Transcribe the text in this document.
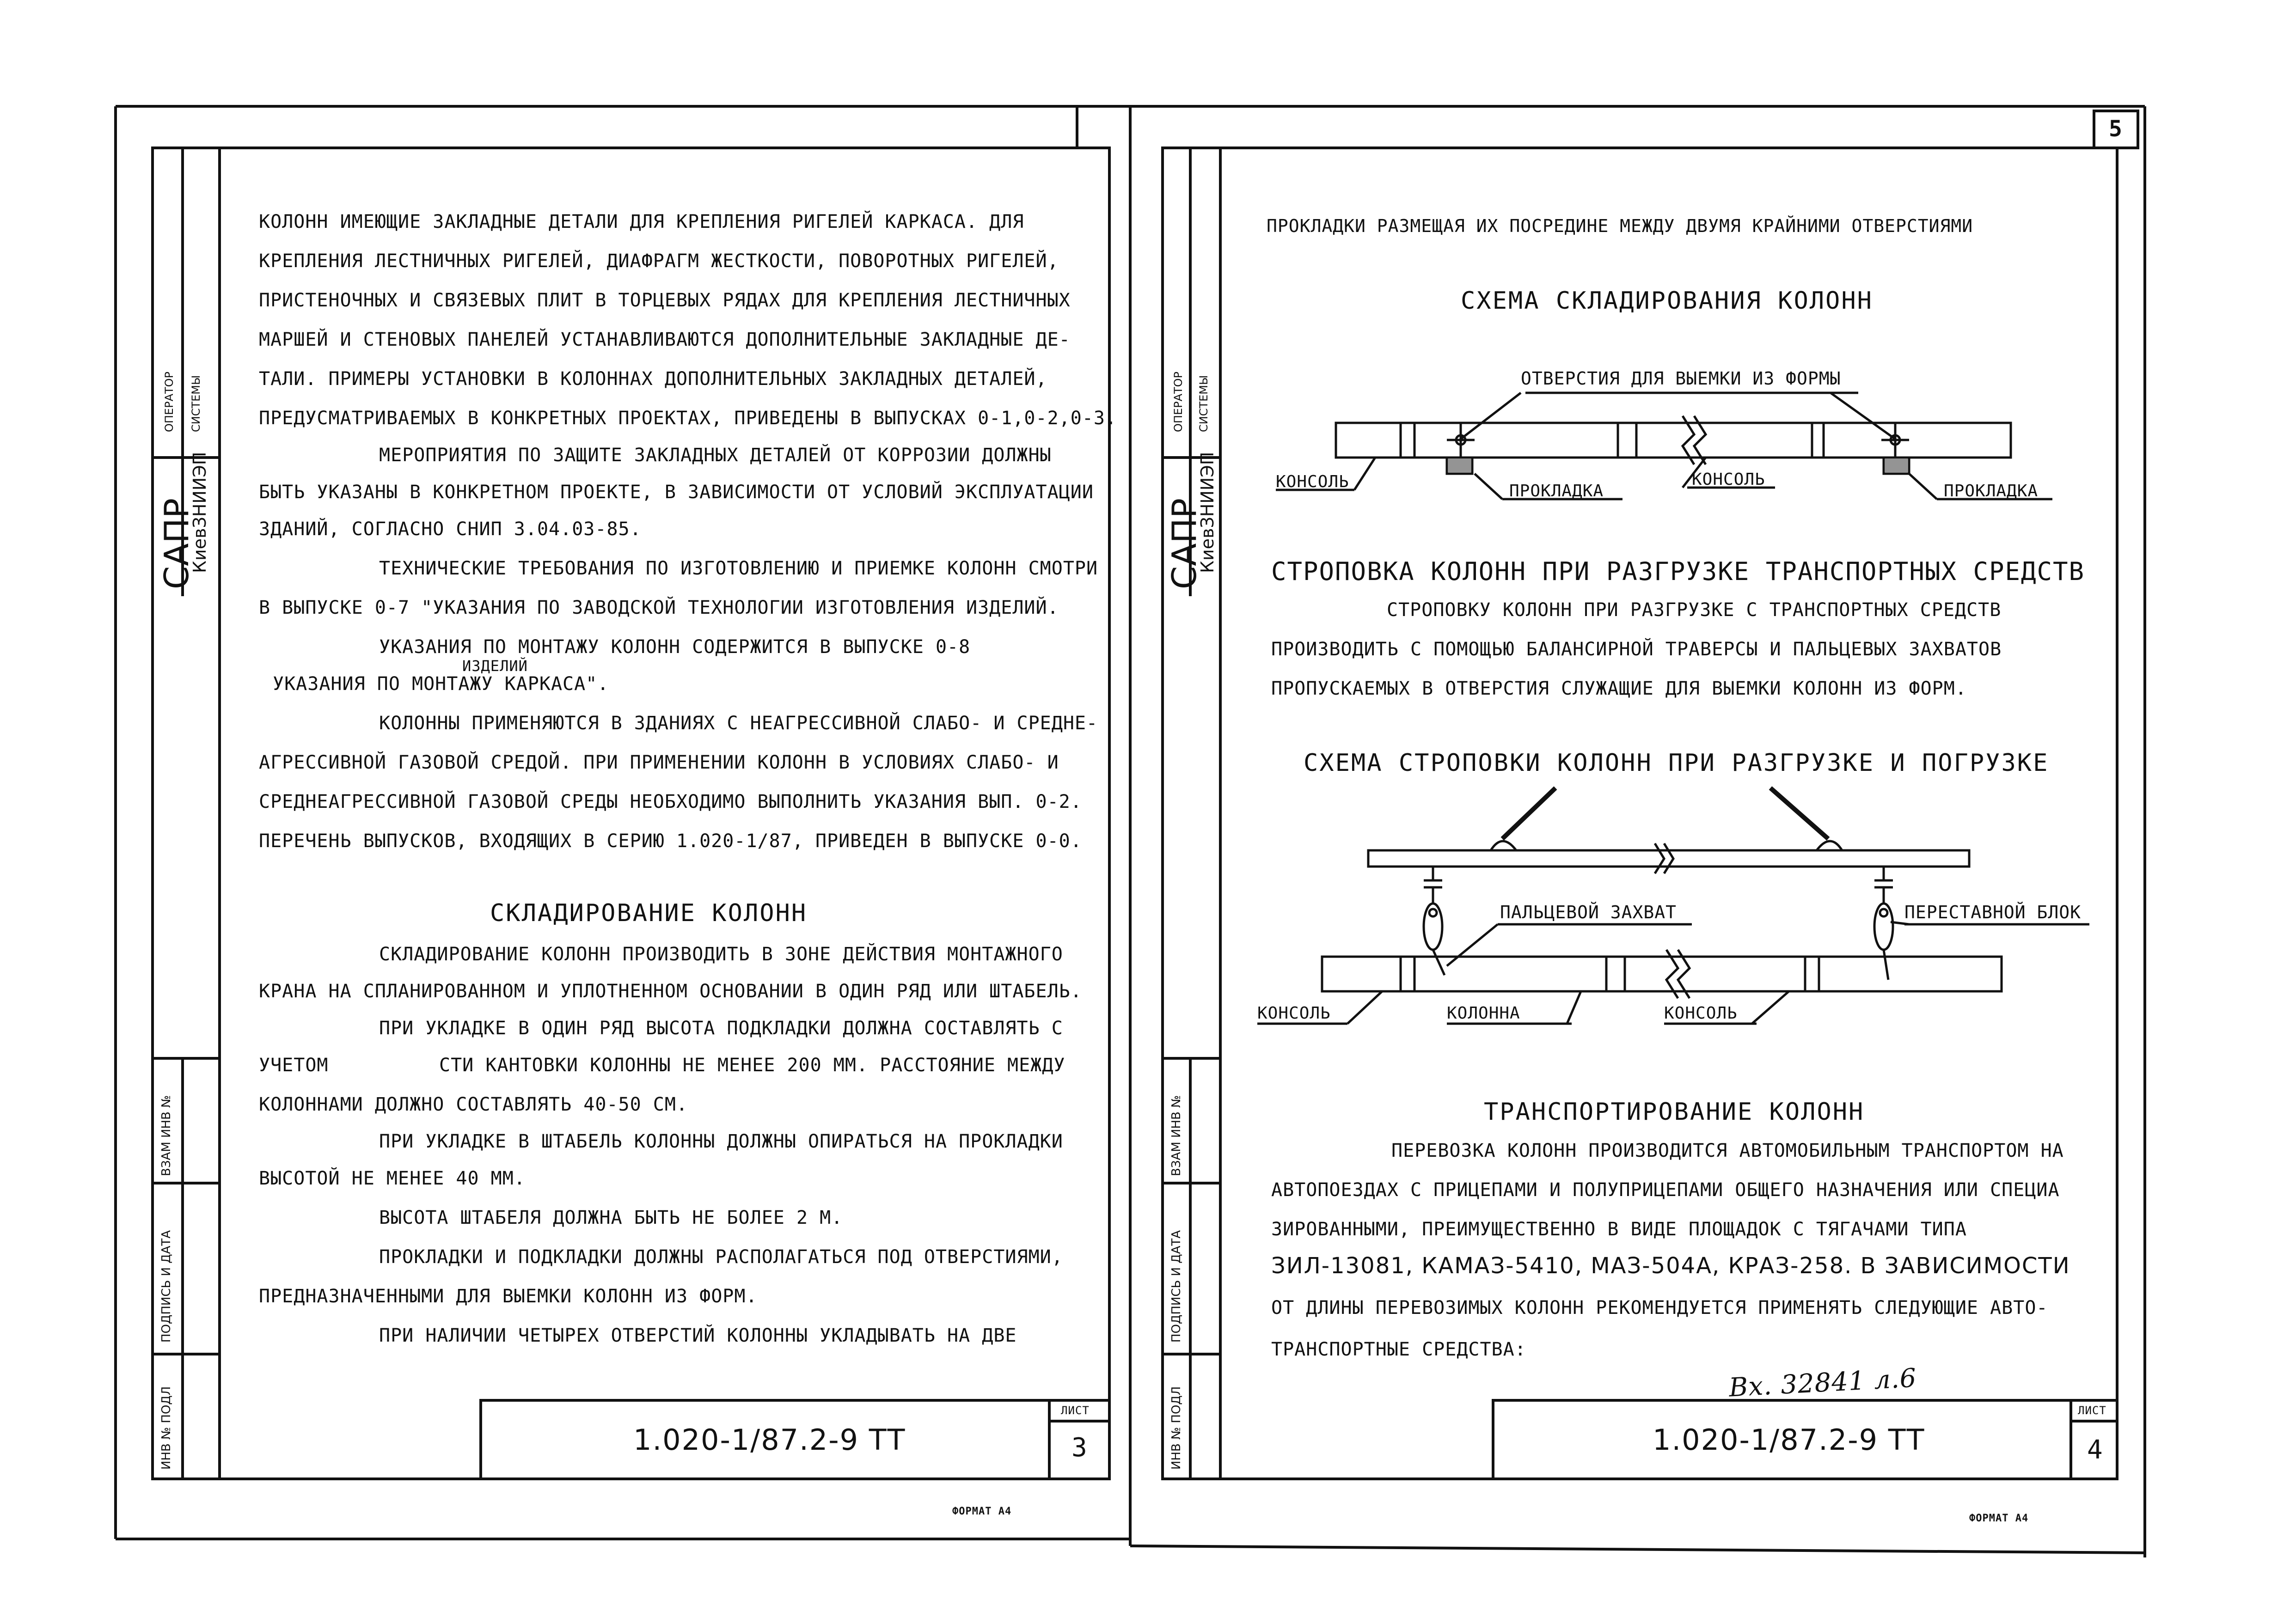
5
САПР
КиевЗНИИЭП
ОПЕРАТОР СИСТЕМЫ
ВЗАМ ИНВ №
ПОДПИСЬ И ДАТА
ИНВ № ПОДЛ
САПР
КиевЗНИИЭП
ОПЕРАТОР СИСТЕМЫ
ВЗАМ ИНВ №
ПОДПИСЬ И ДАТА
ИНВ № ПОДЛ
КОЛОНН ИМЕЮЩИЕ ЗАКЛАДНЫЕ ДЕТАЛИ ДЛЯ КРЕПЛЕНИЯ РИГЕЛЕЙ КАРКАСА. ДЛЯ
КРЕПЛЕНИЯ ЛЕСТНИЧНЫХ РИГЕЛЕЙ, ДИАФРАГМ ЖЕСТКОСТИ, ПОВОРОТНЫХ РИГЕЛЕЙ,
ПРИСТЕНОЧНЫХ И СВЯЗЕВЫХ ПЛИТ В ТОРЦЕВЫХ РЯДАХ ДЛЯ КРЕПЛЕНИЯ ЛЕСТНИЧНЫХ
МАРШЕЙ И СТЕНОВЫХ ПАНЕЛЕЙ УСТАНАВЛИВАЮТСЯ ДОПОЛНИТЕЛЬНЫЕ ЗАКЛАДНЫЕ ДЕ-
ТАЛИ. ПРИМЕРЫ УСТАНОВКИ В КОЛОННАХ ДОПОЛНИТЕЛЬНЫХ ЗАКЛАДНЫХ ДЕТАЛЕЙ,
ПРЕДУСМАТРИВАЕМЫХ В КОНКРЕТНЫХ ПРОЕКТАХ, ПРИВЕДЕНЫ В ВЫПУСКАХ 0-1,0-2,0-3.
МЕРОПРИЯТИЯ ПО ЗАЩИТЕ ЗАКЛАДНЫХ ДЕТАЛЕЙ ОТ КОРРОЗИИ ДОЛЖНЫ
БЫТЬ УКАЗАНЫ В КОНКРЕТНОМ ПРОЕКТЕ, В ЗАВИСИМОСТИ ОТ УСЛОВИЙ ЭКСПЛУАТАЦИИ
ЗДАНИЙ, СОГЛАСНО СНИП 3.04.03-85.
ТЕХНИЧЕСКИЕ ТРЕБОВАНИЯ ПО ИЗГОТОВЛЕНИЮ И ПРИЕМКЕ КОЛОНН СМОТРИ
В ВЫПУСКЕ 0-7 "УКАЗАНИЯ ПО ЗАВОДСКОЙ ТЕХНОЛОГИИ ИЗГОТОВЛЕНИЯ ИЗДЕЛИЙ.
УКАЗАНИЯ ПО МОНТАЖУ КОЛОНН СОДЕРЖИТСЯ В ВЫПУСКЕ 0-8
ИЗДЕЛИЙ
УКАЗАНИЯ ПО МОНТАЖУ КАРКАСА".
КОЛОННЫ ПРИМЕНЯЮТСЯ В ЗДАНИЯХ С НЕАГРЕССИВНОЙ СЛАБО- И СРЕДНЕ-
АГРЕССИВНОЙ ГАЗОВОЙ СРЕДОЙ. ПРИ ПРИМЕНЕНИИ КОЛОНН В УСЛОВИЯХ СЛАБО- И
СРЕДНЕАГРЕССИВНОЙ ГАЗОВОЙ СРЕДЫ НЕОБХОДИМО ВЫПОЛНИТЬ УКАЗАНИЯ ВЫП. 0-2.
ПЕРЕЧЕНЬ ВЫПУСКОВ, ВХОДЯЩИХ В СЕРИЮ 1.020-1/87, ПРИВЕДЕН В ВЫПУСКЕ 0-0.
СКЛАДИРОВАНИЕ КОЛОНН
СКЛАДИРОВАНИЕ КОЛОНН ПРОИЗВОДИТЬ В ЗОНЕ ДЕЙСТВИЯ МОНТАЖНОГО
КРАНА НА СПЛАНИРОВАННОМ И УПЛОТНЕННОМ ОСНОВАНИИ В ОДИН РЯД ИЛИ ШТАБЕЛЬ.
ПРИ УКЛАДКЕ В ОДИН РЯД ВЫСОТА ПОДКЛАДКИ ДОЛЖНА СОСТАВЛЯТЬ С
УЧЕТОМ	СТИ КАНТОВКИ КОЛОННЫ НЕ МЕНЕЕ 200 ММ. РАССТОЯНИЕ МЕЖДУ
КОЛОННАМИ ДОЛЖНО СОСТАВЛЯТЬ 40-50 СМ.
ПРИ УКЛАДКЕ В ШТАБЕЛЬ КОЛОННЫ ДОЛЖНЫ ОПИРАТЬСЯ НА ПРОКЛАДКИ
ВЫСОТОЙ НЕ МЕНЕЕ 40 ММ.
ВЫСОТА ШТАБЕЛЯ ДОЛЖНА БЫТЬ НЕ БОЛЕЕ 2 М.
ПРОКЛАДКИ И ПОДКЛАДКИ ДОЛЖНЫ РАСПОЛАГАТЬСЯ ПОД ОТВЕРСТИЯМИ,
ПРЕДНАЗНАЧЕННЫМИ ДЛЯ ВЫЕМКИ КОЛОНН ИЗ ФОРМ.
ПРИ НАЛИЧИИ ЧЕТЫРЕХ ОТВЕРСТИЙ КОЛОННЫ УКЛАДЫВАТЬ НА ДВЕ
1.020-1/87.2-9 ТТ
ЛИСТ
3
ФОРМАТ А4
ПРОКЛАДКИ РАЗМЕЩАЯ ИХ ПОСРЕДИНЕ МЕЖДУ ДВУМЯ КРАЙНИМИ ОТВЕРСТИЯМИ
СХЕМА СКЛАДИРОВАНИЯ КОЛОНН
СТРОПОВКА КОЛОНН ПРИ РАЗГРУЗКЕ ТРАНСПОРТНЫХ СРЕДСТВ
СТРОПОВКУ КОЛОНН ПРИ РАЗГРУЗКЕ С ТРАНСПОРТНЫХ СРЕДСТВ
ПРОИЗВОДИТЬ С ПОМОЩЬЮ БАЛАНСИРНОЙ ТРАВЕРСЫ И ПАЛЬЦЕВЫХ ЗАХВАТОВ
ПРОПУСКАЕМЫХ В ОТВЕРСТИЯ СЛУЖАЩИЕ ДЛЯ ВЫЕМКИ КОЛОНН ИЗ ФОРМ.
СХЕМА СТРОПОВКИ КОЛОНН ПРИ РАЗГРУЗКЕ И ПОГРУЗКЕ
ТРАНСПОРТИРОВАНИЕ КОЛОНН
ПЕРЕВОЗКА КОЛОНН ПРОИЗВОДИТСЯ АВТОМОБИЛЬНЫМ ТРАНСПОРТОМ НА
АВТОПОЕЗДАХ С ПРИЦЕПАМИ И ПОЛУПРИЦЕПАМИ ОБЩЕГО НАЗНАЧЕНИЯ ИЛИ СПЕЦИА
ЗИРОВАННЫМИ, ПРЕИМУЩЕСТВЕННО В ВИДЕ ПЛОЩАДОК С ТЯГАЧАМИ ТИПА
ЗИЛ-13081, КАМАЗ-5410, МАЗ-504А, КРАЗ-258. В ЗАВИСИМОСТИ
ОТ ДЛИНЫ ПЕРЕВОЗИМЫХ КОЛОНН РЕКОМЕНДУЕТСЯ ПРИМЕНЯТЬ СЛЕДУЮЩИЕ АВТО-
ТРАНСПОРТНЫЕ СРЕДСТВА:
ОТВЕРСТИЯ ДЛЯ ВЫЕМКИ ИЗ ФОРМЫ
КОНСОЛЬ	ПРОКЛАДКА
КОНСОЛЬ
ПРОКЛАДКА
ПАЛЬЦЕВОЙ ЗАХВАТ	ПЕРЕСТАВНОЙ БЛОК
КОНСОЛЬ	КОЛОННА	КОНСОЛЬ
Вх. 32841 л.6
1.020-1/87.2-9 ТТ
ЛИСТ
4
ФОРМАТ А4
